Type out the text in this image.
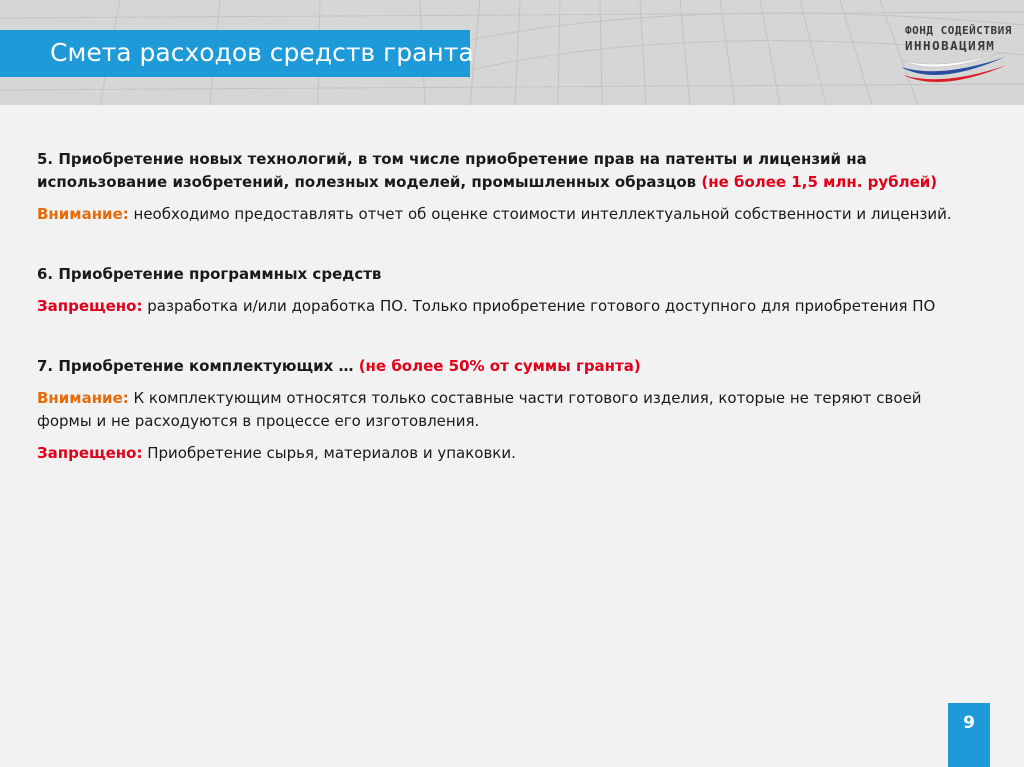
Смета расходов средств гранта
ФОНД СОДЕЙСТВИЯ
ИННОВАЦИЯМ

5. Приобретение новых технологий, в том числе приобретение прав на патенты и лицензий на использование изобретений, полезных моделей, промышленных образцов (не более 1,5 млн. рублей)

Внимание: необходимо предоставлять отчет об оценке стоимости интеллектуальной собственности и лицензий.

6. Приобретение программных средств

Запрещено: разработка и/или доработка ПО. Только приобретение готового доступного для приобретения ПО

7. Приобретение комплектующих … (не более 50% от суммы гранта)

Внимание: К комплектующим относятся только составные части готового изделия, которые не теряют своей формы и не расходуются в процессе его изготовления.

Запрещено: Приобретение сырья, материалов и упаковки.

9
